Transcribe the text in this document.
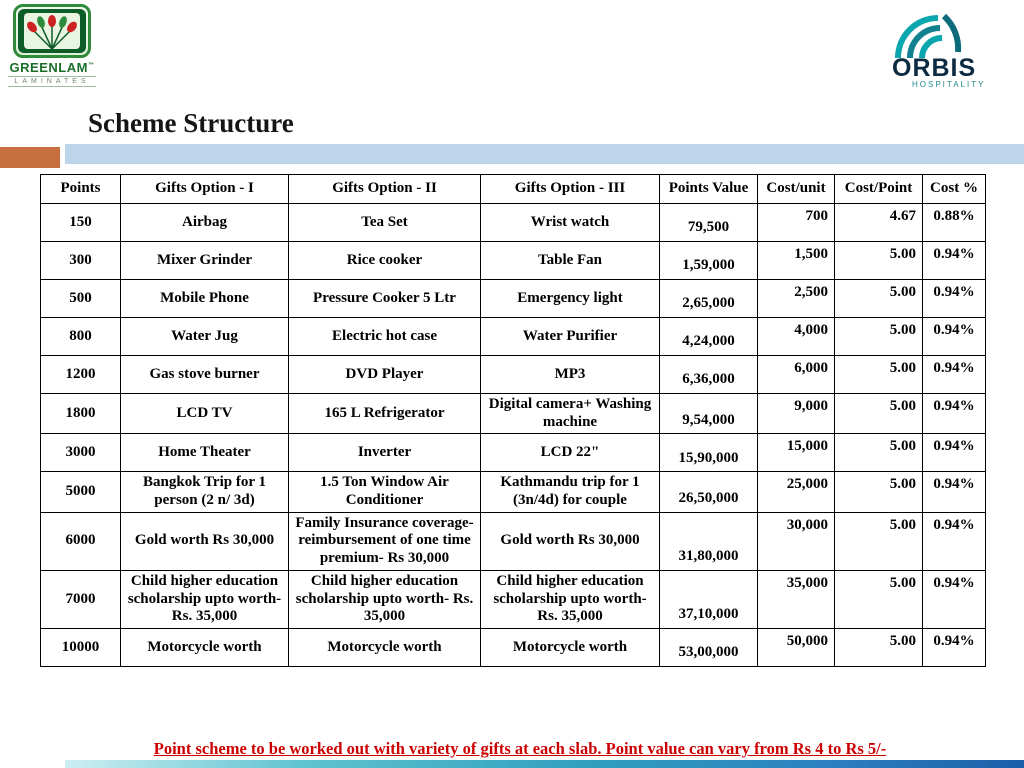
GREENLAM™
LAMINATES	ORBIS
HOSPITALITY
Scheme Structure
Points	Gifts Option - I	Gifts Option - II	Gifts Option - III	Points Value	Cost/unit	Cost/Point	Cost %
150	Airbag	Tea Set	Wrist watch	79,500	700	4.67	0.88%
300	Mixer Grinder	Rice cooker	Table Fan	1,59,000	1,500	5.00	0.94%
500	Mobile Phone	Pressure Cooker 5 Ltr	Emergency light	2,65,000	2,500	5.00	0.94%
800	Water Jug	Electric hot case	Water Purifier	4,24,000	4,000	5.00	0.94%
1200	Gas stove burner	DVD Player	MP3	6,36,000	6,000	5.00	0.94%
1800	LCD TV	165 L Refrigerator	Digital camera+ Washing machine	9,54,000	9,000	5.00	0.94%
3000	Home Theater	Inverter	LCD 22"	15,90,000	15,000	5.00	0.94%
5000	Bangkok Trip for 1 person (2 n/ 3d)	1.5 Ton Window Air Conditioner	Kathmandu trip for 1 (3n/4d) for couple	26,50,000	25,000	5.00	0.94%
6000	Gold worth Rs 30,000	Family Insurance coverage- reimbursement of one time premium- Rs 30,000	Gold worth Rs 30,000	31,80,000	30,000	5.00	0.94%
7000	Child higher education scholarship upto worth- Rs. 35,000	Child higher education scholarship upto worth- Rs. 35,000	Child higher education scholarship upto worth- Rs. 35,000	37,10,000	35,000	5.00	0.94%
10000	Motorcycle worth	Motorcycle worth	Motorcycle worth	53,00,000	50,000	5.00	0.94%

Point scheme to be worked out with variety of gifts at each slab. Point value can vary from Rs 4 to Rs 5/-
